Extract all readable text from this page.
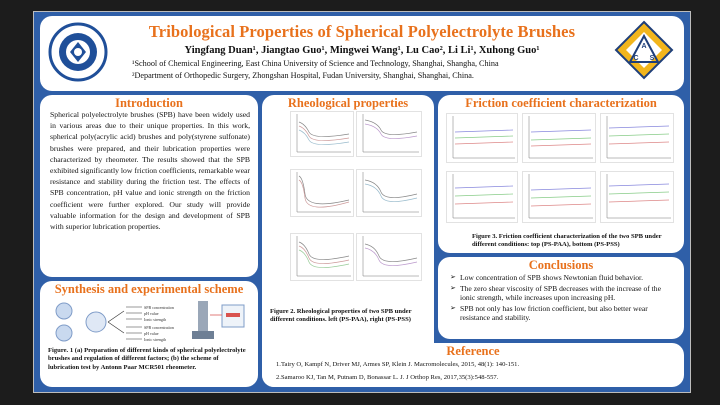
Tribological Properties of Spherical Polyelectrolyte Brushes
Yingfang Duan¹, Jiangtao Guo¹, Mingwei Wang¹, Lu Cao², Li Li¹, Xuhong Guo¹
¹School of Chemical Engineering, East China University of Science and Technology, Shanghai, Shangha, China
²Department of Orthopedic Surgery, Zhongshan Hospital, Fudan University, Shanghai, Shanghai, China.
A
C S
Introduction
Spherical polyelectrolyte brushes (SPB) have been widely used in various areas due to their unique properties. In this work, spherical poly(acrylic acid) brushes and poly(styrene sulfonate) brushes were prepared, and their lubrication properties were characterized by rheometer. The results showed that the SPB exhibited significantly low friction coefficients, remarkable wear resistance and stability during the friction test. The effects of SPB concentration, pH value and ionic strength on the friction coefficient were further explored. Our study will provide valuable information for the design and development of SPB with superior lubrication properties.
Synthesis and experimental scheme
SPB concentration
pH value
Ionic strength
SPB concentration
pH value
Ionic strength
Figure. 1 (a) Preparation of different kinds of spherical polyelectrolyte brushes and regulation of different factors; (b) the scheme of lubrication test by Antonn Paar MCR501 rheometer.
Rheological properties
Figure 2. Rheological properties of two SPB under different conditions. left (PS-PAA), right (PS-PSS)
Friction coefficient characterization
Figure 3. Friction coefficient characterization of the two SPB under different conditions: top (PS-PAA), bottom (PS-PSS)
Conclusions
➢ Low concentration of SPB shows Newtonian fluid behavior.
➢ The zero shear viscosity of SPB decreases with the increase of the ionic strength, while increases upon increasing pH.
➢ SPB not only has low friction coefficient, but also better wear resistance and stability.
Reference
1.Tairy O, Kampf N, Driver MJ, Armes SP, Klein J. Macromolecules, 2015, 48(1): 140-151.
2.Samaroo KJ, Tan M, Putnam D, Bonassar L. J. J Orthop Res, 2017,35(3):548-557.
